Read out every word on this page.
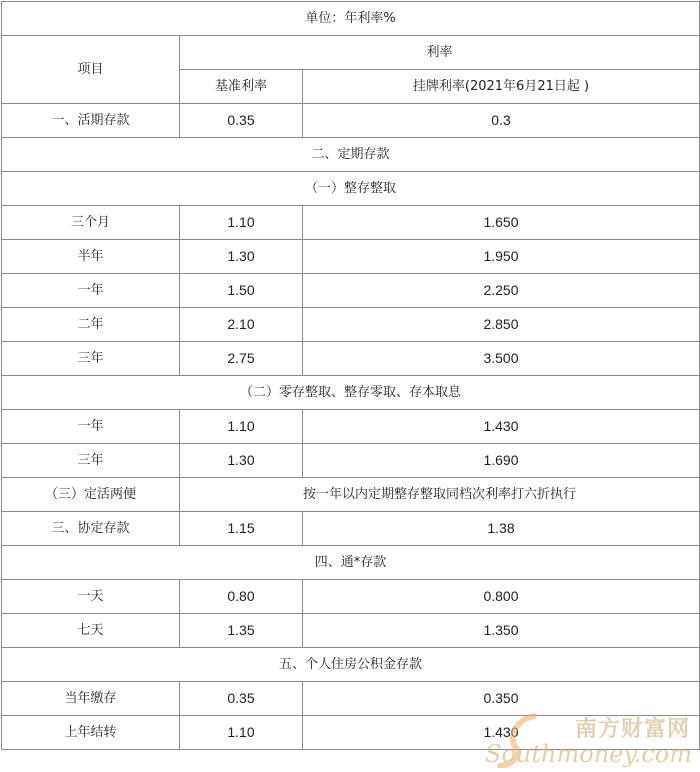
单位：年利率%		
项目	利率	
	基准利率	挂牌利率(2021年6月21日起 )
一、活期存款	0.35	0.3
二、定期存款		
（一）整存整取		
三个月	1.10	1.650
半年	1.30	1.950
一年	1.50	2.250
二年	2.10	2.850
三年	2.75	3.500
（二）零存整取、整存零取、存本取息		
一年	1.10	1.430
三年	1.30	1.690
（三）定活两便	按一年以内定期整存整取同档次利率打六折执行	
三、协定存款	1.15	1.38
四、通*存款		
一天	0.80	0.800
七天	1.35	1.350
五、个人住房公积金存款		
当年缴存	0.35	0.350
上年结转	1.10	1.430	南方财富网
Southmoney.com
